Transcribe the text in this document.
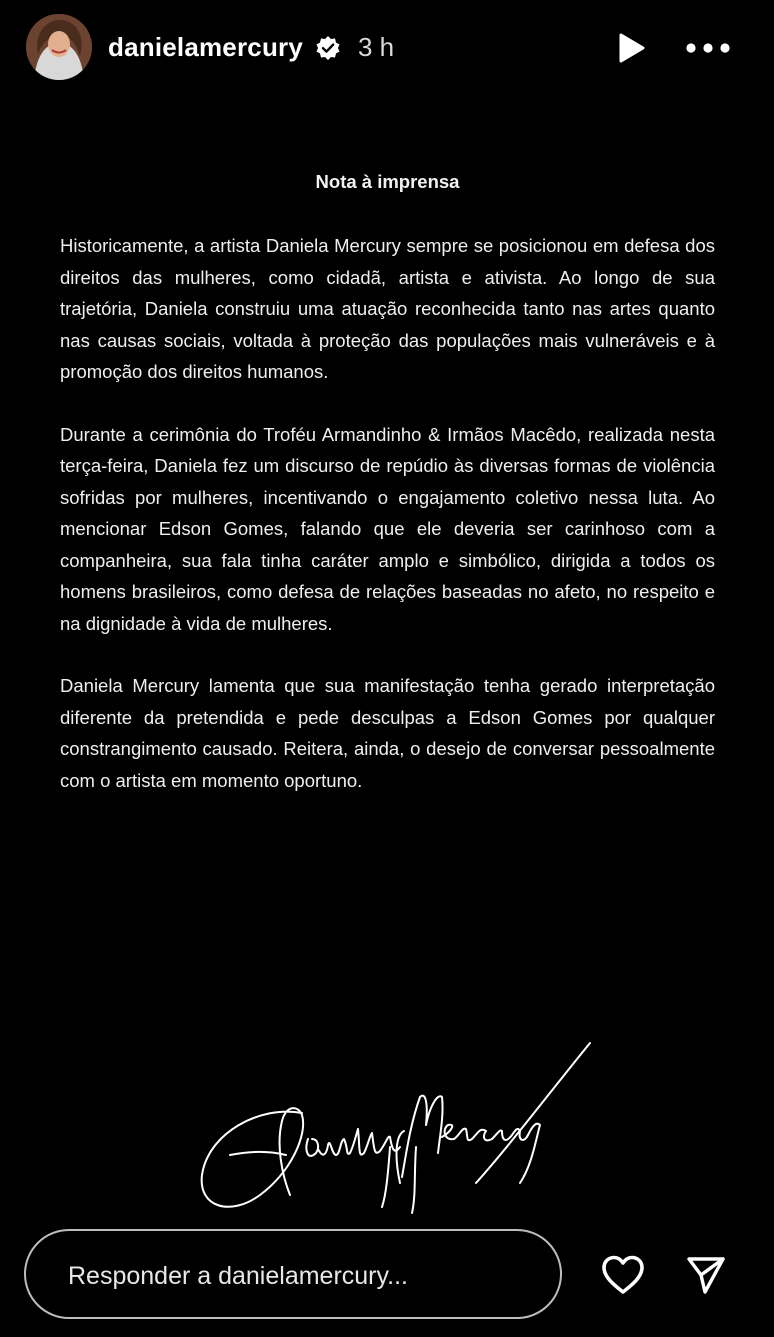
danielamercury 3 h
Nota à imprensa

Historicamente, a artista Daniela Mercury sempre se posicionou em defesa dos direitos das mulheres, como cidadã, artista e ativista. Ao longo de sua trajetória, Daniela construiu uma atuação reconhecida tanto nas artes quanto nas causas sociais, voltada à proteção das populações mais vulneráveis e à promoção dos direitos humanos.

Durante a cerimônia do Troféu Armandinho & Irmãos Macêdo, realizada nesta terça-feira, Daniela fez um discurso de repúdio às diversas formas de violência sofridas por mulheres, incentivando o engajamento coletivo nessa luta. Ao mencionar Edson Gomes, falando que ele deveria ser carinhoso com a companheira, sua fala tinha caráter amplo e simbólico, dirigida a todos os homens brasileiros, como defesa de relações baseadas no afeto, no respeito e na dignidade à vida de mulheres.

Daniela Mercury lamenta que sua manifestação tenha gerado interpretação diferente da pretendida e pede desculpas a Edson Gomes por qualquer constrangimento causado. Reitera, ainda, o desejo de conversar pessoalmente com o artista em momento oportuno.

Responder a danielamercury...
